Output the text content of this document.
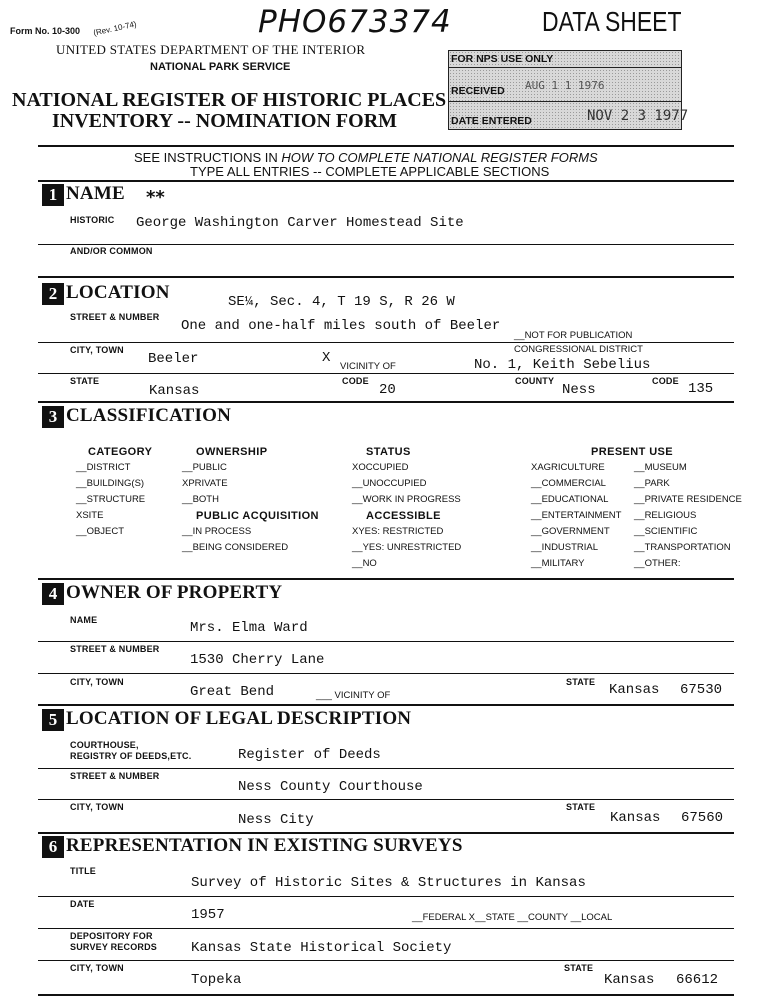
Form No. 10-300 (Rev. 10-74)	PHO673374	DATA SHEET
UNITED STATES DEPARTMENT OF THE INTERIOR
NATIONAL PARK SERVICE
NATIONAL REGISTER OF HISTORIC PLACES
INVENTORY -- NOMINATION FORM
FOR NPS USE ONLY
RECEIVED AUG 1 1 1976
DATE ENTERED	NOV 2 3 1977
SEE INSTRUCTIONS IN HOW TO COMPLETE NATIONAL REGISTER FORMS
TYPE ALL ENTRIES -- COMPLETE APPLICABLE SECTIONS
1 NAME **
HISTORIC George Washington Carver Homestead Site
AND/OR COMMON
2 LOCATION	SE¼, Sec. 4, T 19 S, R 26 W
STREET & NUMBER
One and one-half miles south of Beeler
__NOT FOR PUBLICATION
CITY, TOWN
Beeler	X
VICINITY OF
CONGRESSIONAL DISTRICT
No. 1, Keith Sebelius
STATE
Kansas
CODE
20
COUNTY
Ness
CODE 135
3 CLASSIFICATION
CATEGORY
__DISTRICT
__BUILDING(S)
__STRUCTURE
XSITE
__OBJECT
OWNERSHIP
__PUBLIC
XPRIVATE
__BOTH
PUBLIC ACQUISITION
__IN PROCESS
__BEING CONSIDERED
STATUS
XOCCUPIED
__UNOCCUPIED
__WORK IN PROGRESS
ACCESSIBLE
XYES: RESTRICTED
__YES: UNRESTRICTED
__NO
PRESENT USE
XAGRICULTURE
__COMMERCIAL
__EDUCATIONAL
__ENTERTAINMENT
__GOVERNMENT
__INDUSTRIAL
__MILITARY
__MUSEUM
__PARK
__PRIVATE RESIDENCE
__RELIGIOUS
__SCIENTIFIC
__TRANSPORTATION
__OTHER:
4 OWNER OF PROPERTY
NAME	Mrs. Elma Ward
STREET & NUMBER
1530 Cherry Lane
CITY, TOWN
Great Bend	___ VICINITY OF
STATE Kansas 67530
5 LOCATION OF LEGAL DESCRIPTION
COURTHOUSE,
REGISTRY OF DEEDS,ETC.	Register of Deeds
STREET & NUMBER
Ness County Courthouse
CITY, TOWN
Ness City
STATE
Kansas 67560
6 REPRESENTATION IN EXISTING SURVEYS
TITLE
Survey of Historic Sites & Structures in Kansas
DATE
1957	__FEDERAL X__STATE __COUNTY __LOCAL
DEPOSITORY FOR
SURVEY RECORDS Kansas State Historical Society
CITY, TOWN
Topeka
STATE
Kansas 66612
